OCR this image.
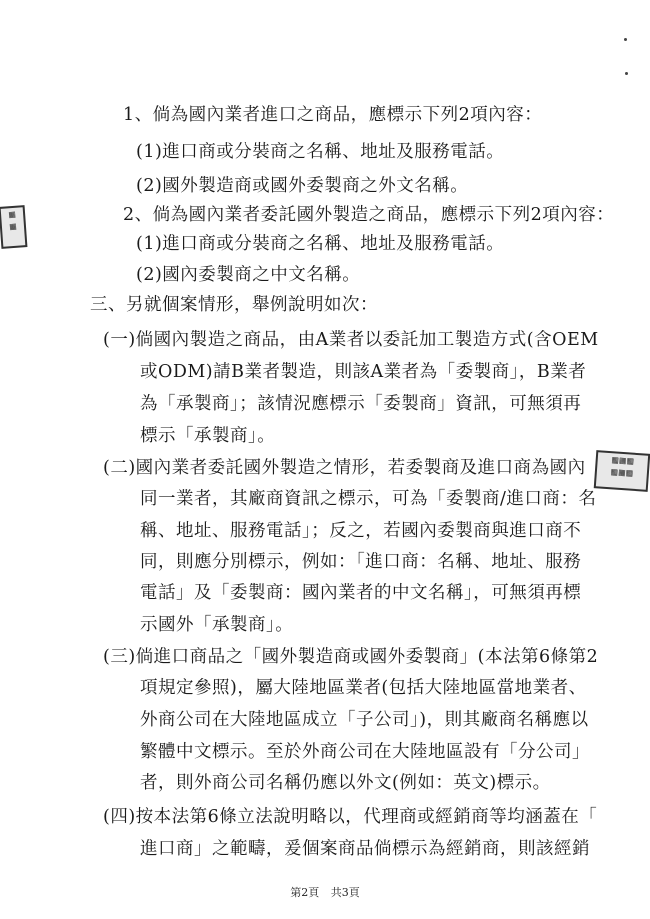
1、倘為國內業者進口之商品，應標示下列2項內容：
(1)進口商或分裝商之名稱、地址及服務電話。
(2)國外製造商或國外委製商之外文名稱。
2、倘為國內業者委託國外製造之商品，應標示下列2項內容：
(1)進口商或分裝商之名稱、地址及服務電話。
(2)國內委製商之中文名稱。
三、另就個案情形，舉例說明如次：
(一)倘國內製造之商品，由A業者以委託加工製造方式(含OEM
或ODM)請B業者製造，則該A業者為「委製商」，B業者
為「承製商」；該情況應標示「委製商」資訊，可無須再
標示「承製商」。
(二)國內業者委託國外製造之情形，若委製商及進口商為國內
同一業者，其廠商資訊之標示，可為「委製商/進口商：名
稱、地址、服務電話」；反之，若國內委製商與進口商不
同，則應分別標示，例如：「進口商：名稱、地址、服務
電話」及「委製商：國內業者的中文名稱」，可無須再標
示國外「承製商」。
(三)倘進口商品之「國外製造商或國外委製商」(本法第6條第2
項規定參照)，屬大陸地區業者(包括大陸地區當地業者、
外商公司在大陸地區成立「子公司」)，則其廠商名稱應以
繁體中文標示。至於外商公司在大陸地區設有「分公司」
者，則外商公司名稱仍應以外文(例如：英文)標示。
(四)按本法第6條立法說明略以，代理商或經銷商等均涵蓋在「
進口商」之範疇，爰個案商品倘標示為經銷商，則該經銷
▦
▦
▦▦▦
▦▦▦
第2頁 共3頁
